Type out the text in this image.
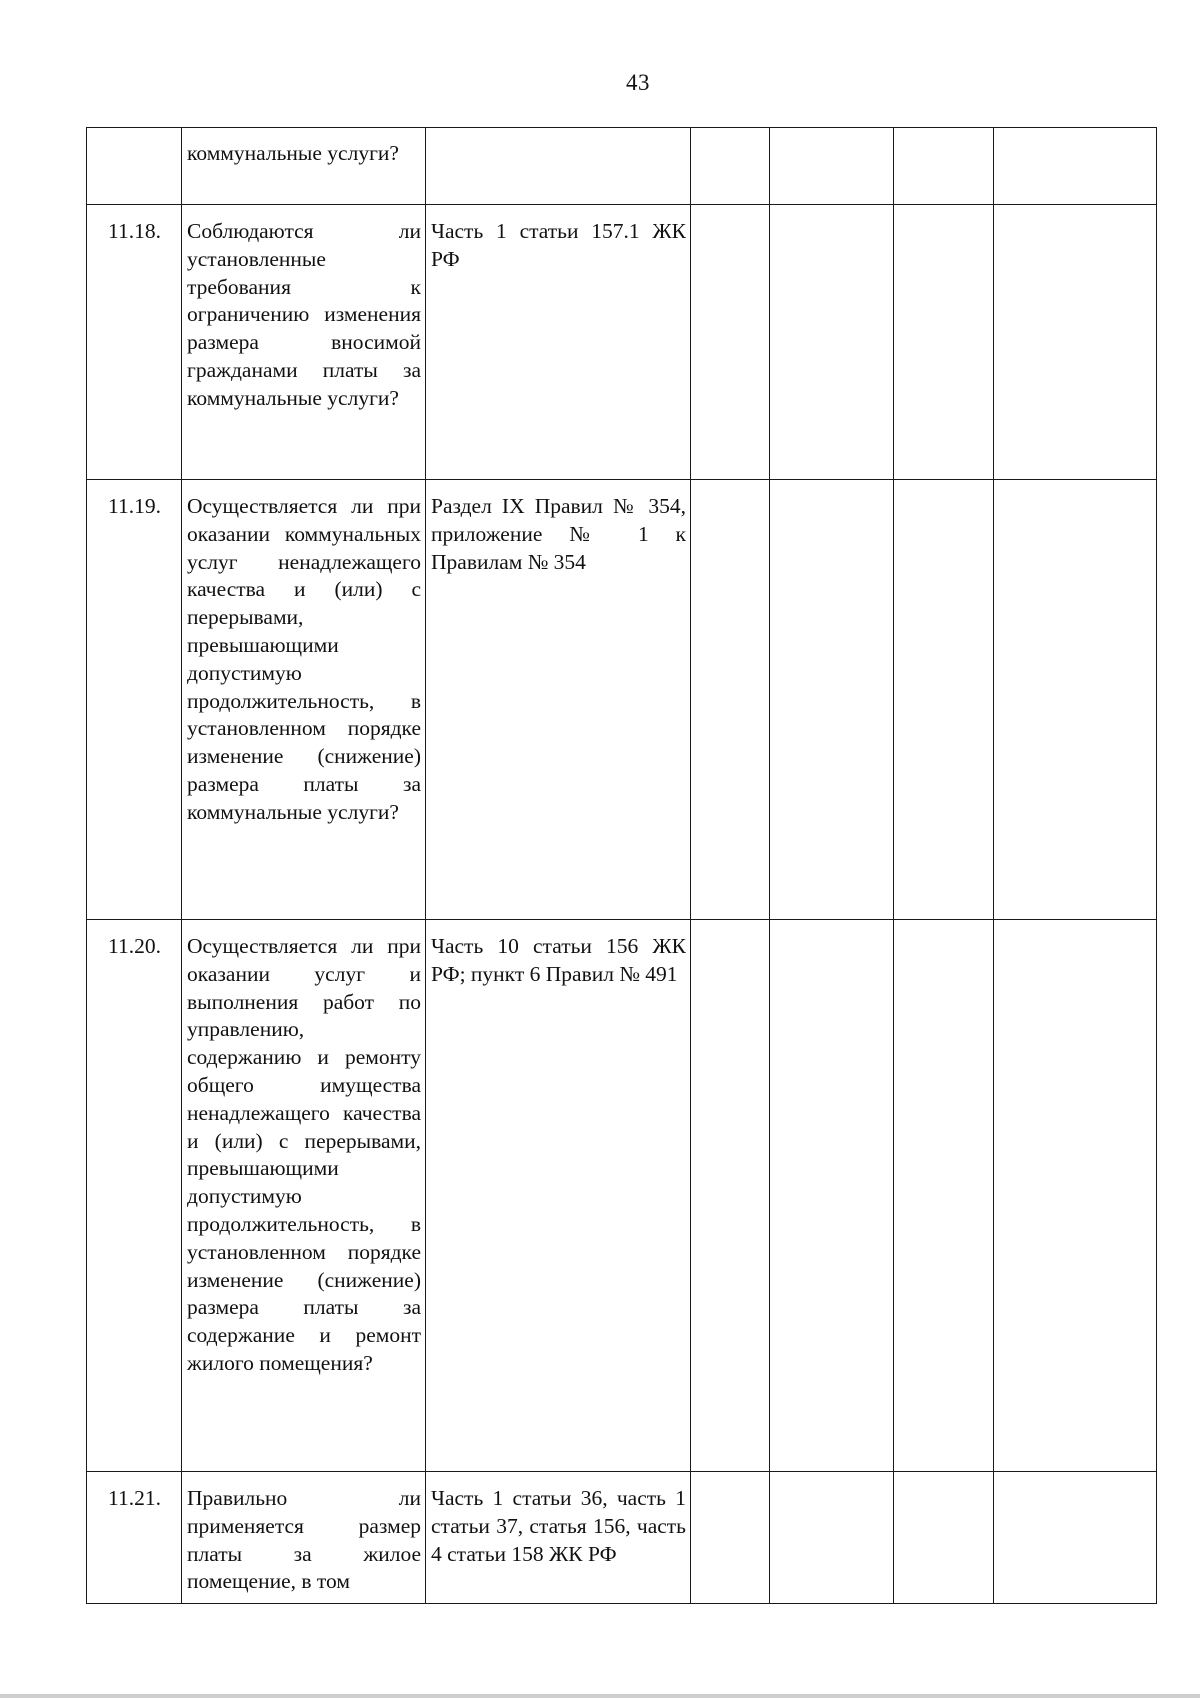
43
	коммунальные услуги?					
11.18.	Соблюдаются ли установленные требования к ограничению изменения размера вносимой гражданами платы за коммунальные услуги?	Часть 1 статьи 157.1 ЖК РФ				
11.19.	Осуществляется ли при оказании коммунальных услуг ненадлежащего качества и (или) с перерывами, превышающими допустимую продолжительность, в установленном порядке изменение (снижение) размера платы за коммунальные услуги?	Раздел IX Правил № 354, приложение № 1 к Правилам № 354				
11.20.	Осуществляется ли при оказании услуг и выполнения работ по управлению, содержанию и ремонту общего имущества ненадлежащего качества и (или) с перерывами, превышающими допустимую продолжительность, в установленном порядке изменение (снижение) размера платы за содержание и ремонт жилого помещения?	Часть 10 статьи 156 ЖК РФ; пункт 6 Правил № 491				
11.21.	Правильно ли применяется размер платы за жилое помещение, в том	Часть 1 статьи 36, часть 1 статьи 37, статья 156, часть 4 статьи 158 ЖК РФ				
